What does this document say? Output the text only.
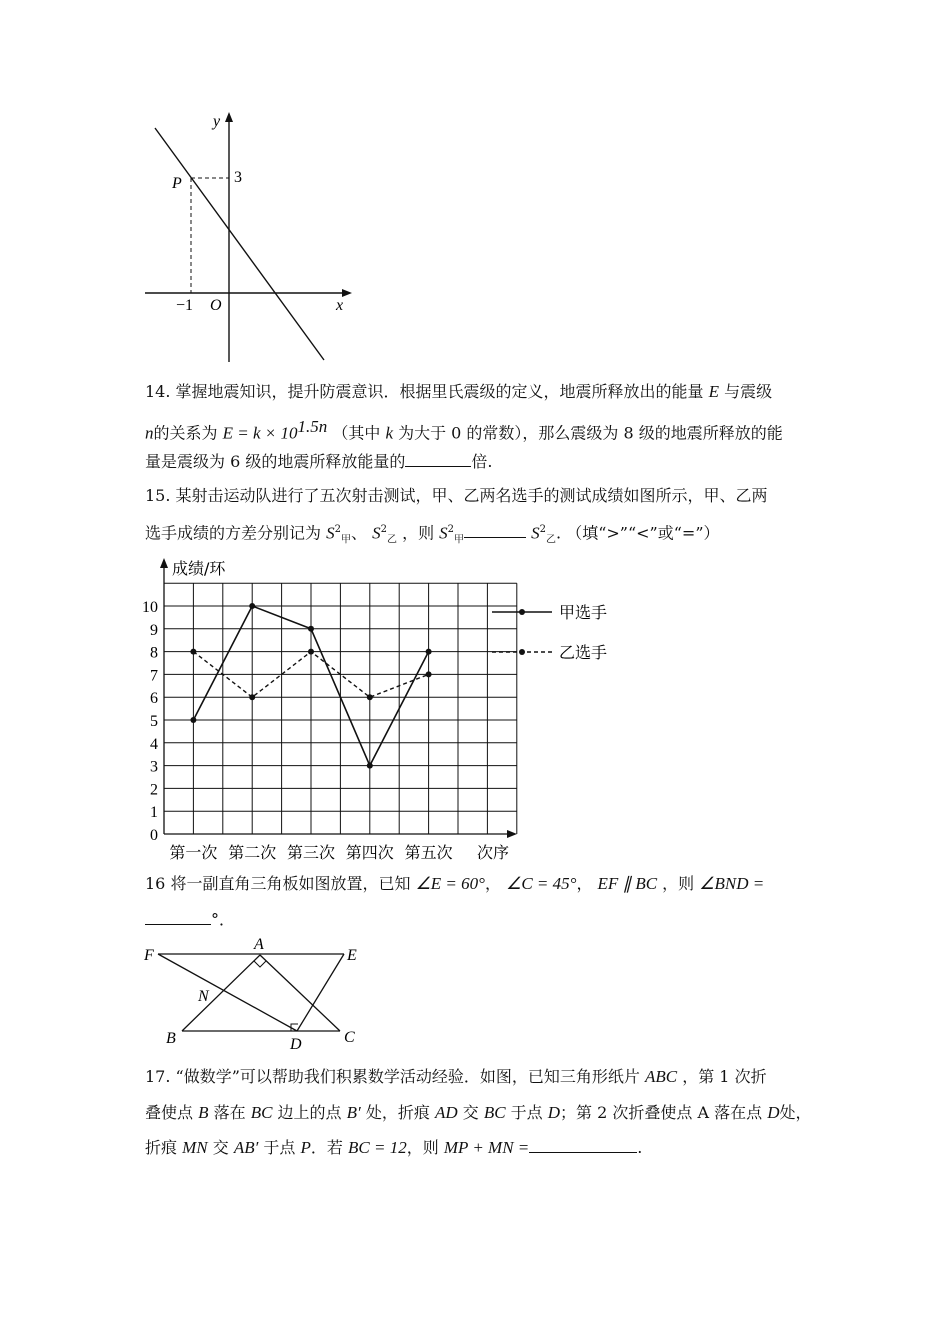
y
x
P	3
−1 O
14. 掌握地震知识，提升防震意识．根据里氏震级的定义，地震所释放出的能量 E 与震级
n的关系为 $E = k \times 10^{1.5n}$ （其中 k 为大于 0 的常数），那么震级为 8 级的地震所释放的能
量是震级为 6 级的地震所释放能量的	倍.
15. 某射击运动队进行了五次射击测试，甲、乙两名选手的测试成绩如图所示，甲、乙两
选手成绩的方差分别记为 $S^2_甲$、 $S^2_乙$ ，则 $S^2_甲$	$S^2_乙$. （填“>”“<”或“=”）
成绩/环
次序
0
1
2
3
4
5
6
7
8
9
10
第一次 第二次 第三次 第四次 第五次
甲选手
乙选手
16 将一副直角三角板如图放置，已知 ∠E = 60°， ∠C = 45°， EF ∥ BC ，则 ∠BND =
°．
F
A
E
N
B	D	C
17. “做数学”可以帮助我们积累数学活动经验．如图，已知三角形纸片 ABC ，第 1 次折
叠使点 B 落在 BC 边上的点 B′ 处，折痕 AD 交 BC 于点 D；第 2 次折叠使点 A 落在点 D处，
折痕 MN 交 AB′ 于点 P．若 BC = 12，则 MP + MN =	.
